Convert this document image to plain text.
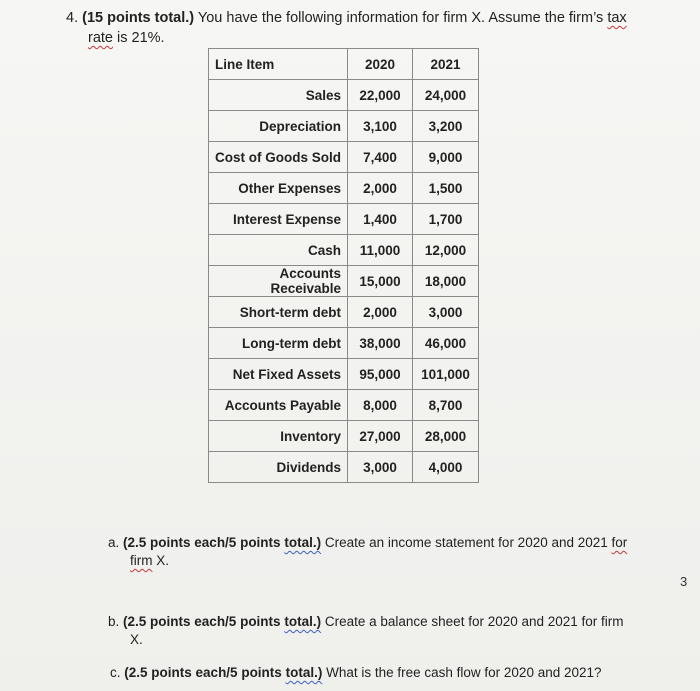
4. (15 points total.) You have the following information for firm X. Assume the firm’s tax
rate is 21%.
Line Item	2020	2021
Sales	22,000	24,000
Depreciation	3,100	3,200
Cost of Goods Sold	7,400	9,000
Other Expenses	2,000	1,500
Interest Expense	1,400	1,700
Cash	11,000	12,000
Accounts Receivable	15,000	18,000
Short-term debt	2,000	3,000
Long-term debt	38,000	46,000
Net Fixed Assets	95,000	101,000
Accounts Payable	8,000	8,700
Inventory	27,000	28,000
Dividends	3,000	4,000
a. (2.5 points each/5 points total.) Create an income statement for 2020 and 2021 for
firm X.
3
b. (2.5 points each/5 points total.) Create a balance sheet for 2020 and 2021 for firm
X.
c. (2.5 points each/5 points total.) What is the free cash flow for 2020 and 2021?
